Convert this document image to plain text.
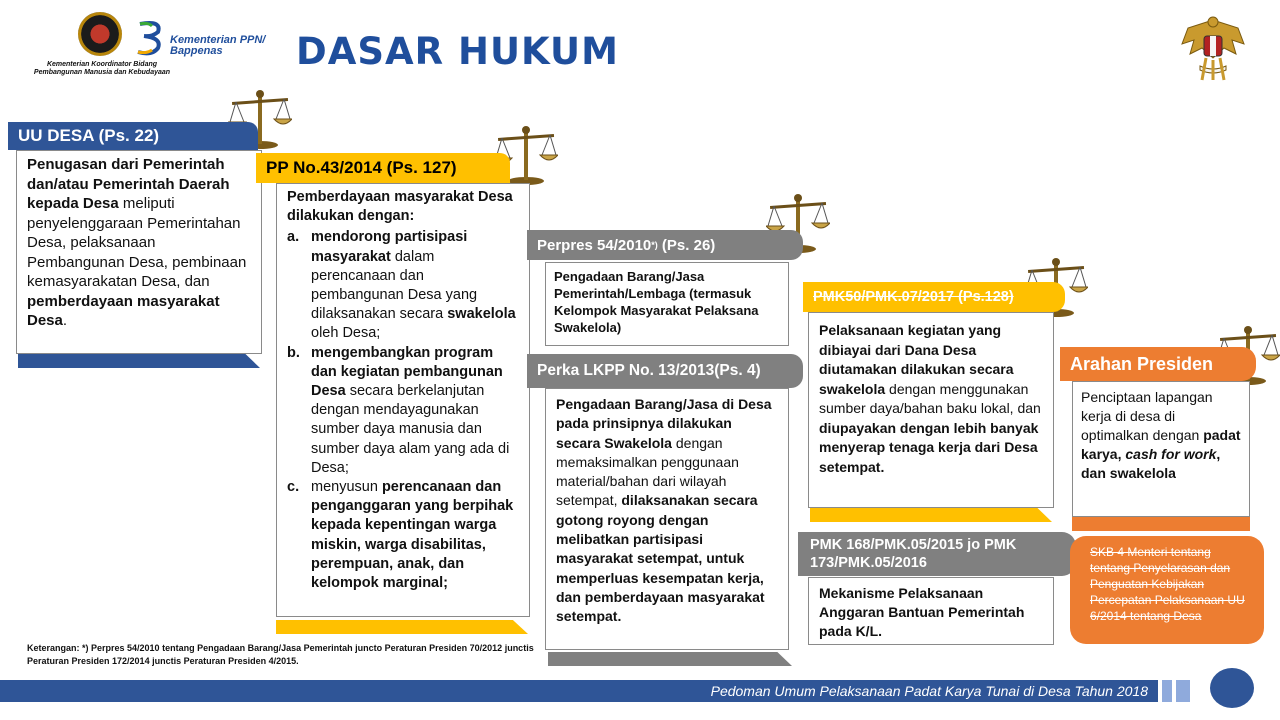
Kementerian Koordinator Bidang Pembangunan Manusia dan Kebudayaan
Kementerian PPN/
Bappenas	DASAR HUKUM
UU DESA (Ps. 22)
Penugasan dari Pemerintah dan/atau Pemerintah Daerah kepada Desa meliputi penyelenggaraan Pemerintahan Desa, pelaksanaan Pembangunan Desa, pembinaan kemasyarakatan Desa, dan pemberdayaan masyarakat Desa.
PP No.43/2014 (Ps. 127)
Pemberdayaan masyarakat Desa dilakukan dengan:
a. mendorong partisipasi masyarakat dalam perencanaan dan pembangunan Desa yang dilaksanakan secara swakelola oleh Desa;
b. mengembangkan program dan kegiatan pembangunan Desa secara berkelanjutan dengan mendayagunakan sumber daya manusia dan sumber daya alam yang ada di Desa;
c. menyusun perencanaan dan penganggaran yang berpihak kepada kepentingan warga miskin, warga disabilitas, perempuan, anak, dan kelompok marginal;
Perpres 54/2010 *) (Ps. 26)
Pengadaan Barang/Jasa Pemerintah/Lembaga (termasuk Kelompok Masyarakat Pelaksana Swakelola)
Perka LKPP No. 13/2013(Ps. 4)
Pengadaan Barang/Jasa di Desa pada prinsipnya dilakukan secara Swakelola dengan memaksimalkan penggunaan material/bahan dari wilayah setempat, dilaksanakan secara gotong royong dengan melibatkan partisipasi masyarakat setempat, untuk memperluas kesempatan kerja, dan pemberdayaan masyarakat setempat.
PMK50/PMK.07/2017 (Ps.128)
Pelaksanaan kegiatan yang dibiayai dari Dana Desa diutamakan dilakukan secara swakelola dengan menggunakan sumber daya/bahan baku lokal, dan diupayakan dengan lebih banyak menyerap tenaga kerja dari Desa setempat.
PMK 168/PMK.05/2015 jo PMK 173/PMK.05/2016
Mekanisme Pelaksanaan Anggaran Bantuan Pemerintah pada K/L.
Arahan Presiden
Penciptaan lapangan kerja di desa di optimalkan dengan padat karya, cash for work, dan swakelola
SKB 4 Menteri tentang tentang Penyelarasan dan Penguatan Kebijakan Percepatan Pelaksanaan UU 6/2014 tentang Desa
Keterangan: *) Perpres 54/2010 tentang Pengadaan Barang/Jasa Pemerintah juncto Peraturan Presiden 70/2012 junctis Peraturan Presiden 172/2014 junctis Peraturan Presiden 4/2015.
Pedoman Umum Pelaksanaan Padat Karya Tunai di Desa Tahun 2018
